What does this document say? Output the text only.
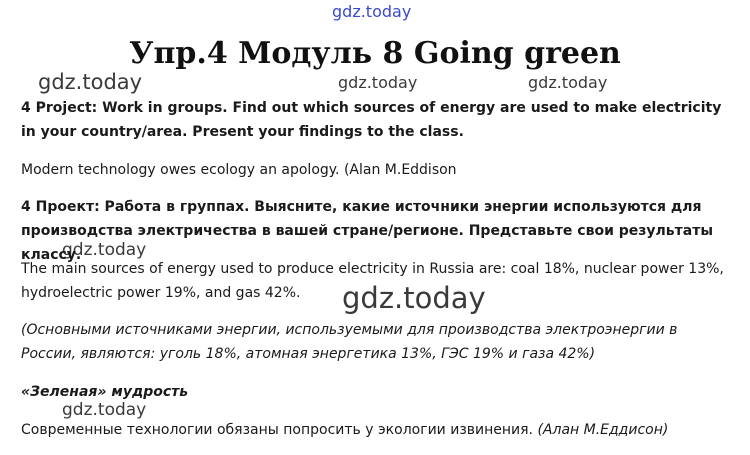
gdz.today
gdz.today	gdz.today	gdz.today
gdz.today
gdz.today
gdz.today
Упр.4 Модуль 8 Going green

4 Project: Work in groups. Find out which sources of energy are used to make electricity in your country/area. Present your findings to the class.

Modern technology owes ecology an apology. (Alan M.Eddison

4 Проект: Работа в группах. Выясните, какие источники энергии используются для производства электричества в вашей стране/регионе. Представьте свои результаты классу.

The main sources of energy used to produce electricity in Russia are: coal 18%, nuclear power 13%, hydroelectric power 19%, and gas 42%.

(Основными источниками энергии, используемыми для производства электроэнергии в России, являются: уголь 18%, атомная энергетика 13%, ГЭС 19% и газа 42%)

«Зеленая» мудрость

Современные технологии обязаны попросить у экологии извинения. (Алан М.Еддисон)
